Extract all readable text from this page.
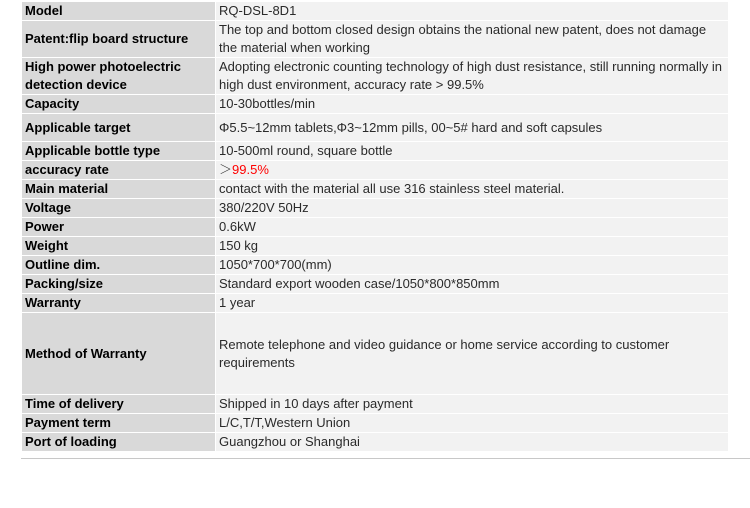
Model	RQ-DSL-8D1
Patent:flip board structure	The top and bottom closed design obtains the national new patent, does not damage the material when working
High power photoelectric detection device	Adopting electronic counting technology of high dust resistance, still running normally in high dust environment, accuracy rate > 99.5%
Capacity	10-30bottles/min
Applicable target	Φ5.5~12mm tablets,Φ3~12mm pills, 00~5# hard and soft capsules
Applicable bottle type	10-500ml round, square bottle
accuracy rate	＞99.5%
Main material	contact with the material all use 316 stainless steel material.
Voltage	380/220V 50Hz
Power	0.6kW
Weight	150 kg
Outline dim.	1050*700*700(mm)
Packing/size	Standard export wooden case/1050*800*850mm
Warranty	1 year
Method of Warranty	Remote telephone and video guidance or home service according to customer requirements
Time of delivery	Shipped in 10 days after payment
Payment term	L/C,T/T,Western Union
Port of loading	Guangzhou or Shanghai
